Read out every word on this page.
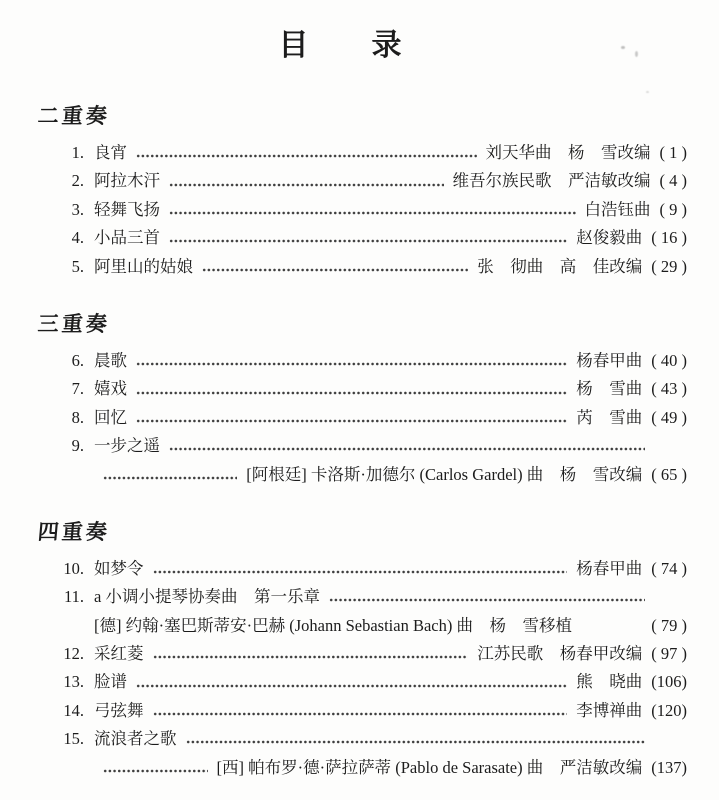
目　　录
二重奏
1. 良宵	刘天华曲　杨　雪改编 ( 1 )
2. 阿拉木汗	维吾尔族民歌　严洁敏改编 ( 4 )
3. 轻舞飞扬	白浩钰曲 ( 9 )
4. 小品三首	赵俊毅曲 ( 16 )
5. 阿里山的姑娘	张　彻曲　高　佳改编 ( 29 )
三重奏
6. 晨歌	杨春甲曲 ( 40 )
7. 嬉戏	杨　雪曲 ( 43 )
8. 回忆	芮　雪曲 ( 49 )
9. 一步之遥
[阿根廷] 卡洛斯·加德尔 (Carlos Gardel) 曲　杨　雪改编 ( 65 )
四重奏
10. 如梦令	杨春甲曲 ( 74 )
11. a 小调小提琴协奏曲　第一乐章
[德] 约翰·塞巴斯蒂安·巴赫 (Johann Sebastian Bach) 曲　杨　雪移植	( 79 )
12. 采红菱	江苏民歌　杨春甲改编 ( 97 )
13. 脸谱	熊　晓曲 (106)
14. 弓弦舞	李博禅曲 (120)
15. 流浪者之歌
[西] 帕布罗·德·萨拉萨蒂 (Pablo de Sarasate) 曲　严洁敏改编 (137)
